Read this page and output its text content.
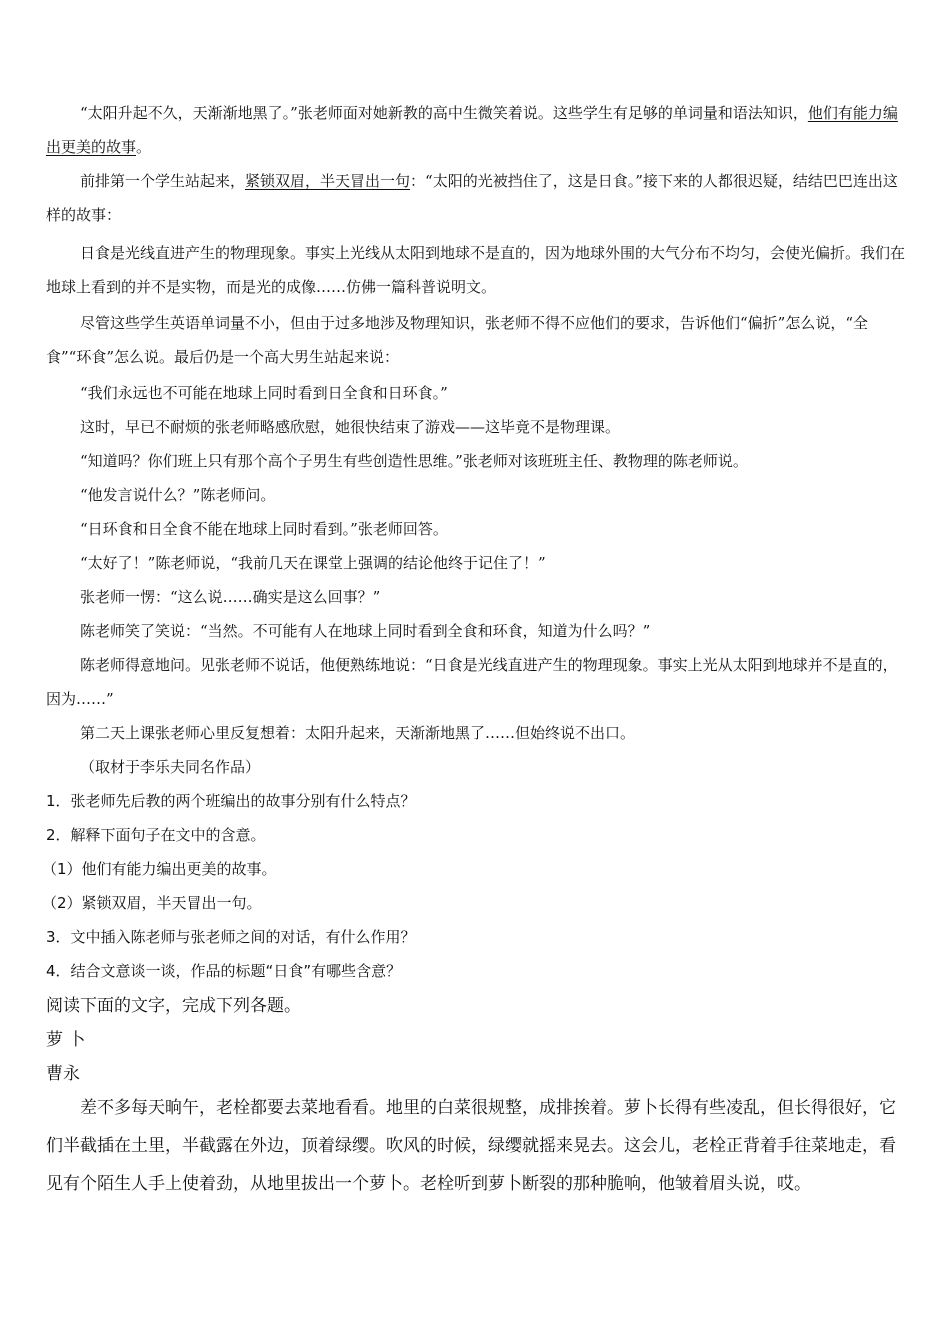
“太阳升起不久，天渐渐地黑了。”张老师面对她新教的高中生微笑着说。这些学生有足够的单词量和语法知识，他们有能力编出更美的故事。

前排第一个学生站起来，紧锁双眉，半天冒出一句：“太阳的光被挡住了，这是日食。”接下来的人都很迟疑，结结巴巴连出这样的故事：

日食是光线直进产生的物理现象。事实上光线从太阳到地球不是直的，因为地球外围的大气分布不均匀，会使光偏折。我们在地球上看到的并不是实物，而是光的成像……仿佛一篇科普说明文。

尽管这些学生英语单词量不小，但由于过多地涉及物理知识，张老师不得不应他们的要求，告诉他们“偏折”怎么说，“全食”“环食”怎么说。最后仍是一个高大男生站起来说：

“我们永远也不可能在地球上同时看到日全食和日环食。”

这时，早已不耐烦的张老师略感欣慰，她很快结束了游戏——这毕竟不是物理课。

“知道吗？你们班上只有那个高个子男生有些创造性思维。”张老师对该班班主任、教物理的陈老师说。

“他发言说什么？”陈老师问。

“日环食和日全食不能在地球上同时看到。”张老师回答。

“太好了！”陈老师说，“我前几天在课堂上强调的结论他终于记住了！”

张老师一愣：“这么说……确实是这么回事？”

陈老师笑了笑说：“当然。不可能有人在地球上同时看到全食和环食，知道为什么吗？”

陈老师得意地问。见张老师不说话，他便熟练地说：“日食是光线直进产生的物理现象。事实上光从太阳到地球并不是直的，因为……”

第二天上课张老师心里反复想着：太阳升起来，天渐渐地黑了……但始终说不出口。

（取材于李乐夫同名作品）

1．张老师先后教的两个班编出的故事分别有什么特点？

2．解释下面句子在文中的含意。

（1）他们有能力编出更美的故事。

（2）紧锁双眉，半天冒出一句。

3．文中插入陈老师与张老师之间的对话，有什么作用？

4．结合文意谈一谈，作品的标题“日食”有哪些含意？

阅读下面的文字，完成下列各题。

萝 卜

曹永

差不多每天晌午，老栓都要去菜地看看。地里的白菜很规整，成排挨着。萝卜长得有些凌乱，但长得很好，它们半截插在土里，半截露在外边，顶着绿缨。吹风的时候，绿缨就摇来晃去。这会儿，老栓正背着手往菜地走，看见有个陌生人手上使着劲，从地里拔出一个萝卜。老栓听到萝卜断裂的那种脆响，他皱着眉头说，哎。
